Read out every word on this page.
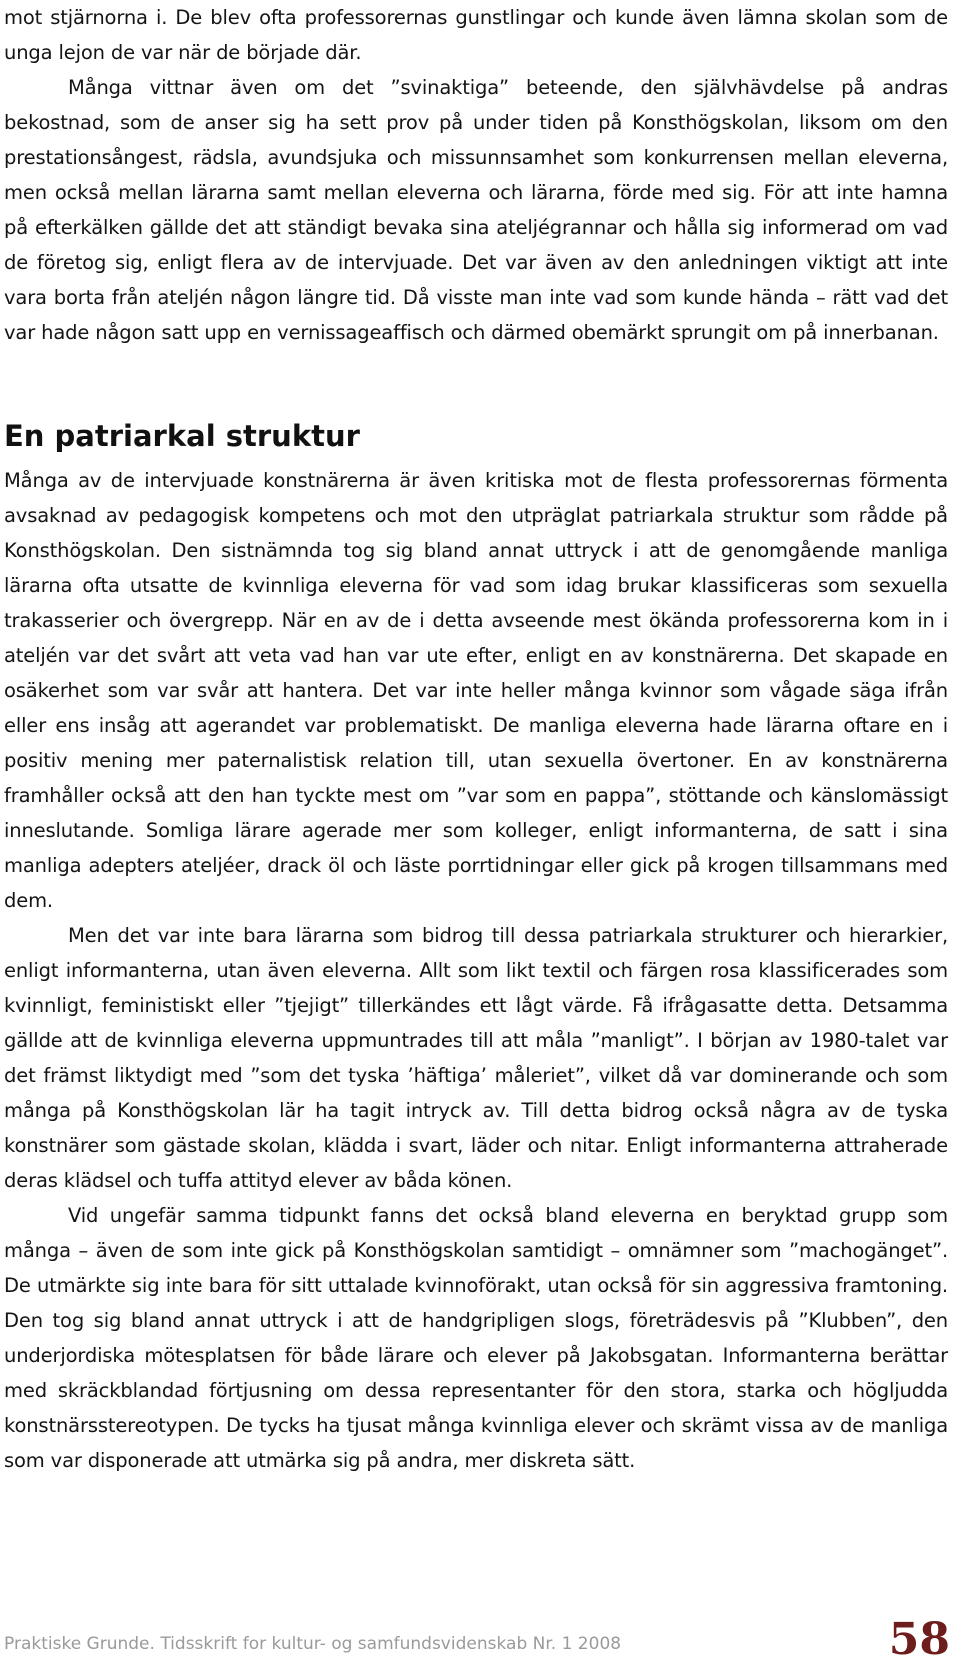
mot stjärnorna i. De blev ofta professorernas gunstlingar och kunde även lämna skolan som de unga lejon de var när de började där.

Många vittnar även om det ”svinaktiga” beteende, den självhävdelse på andras bekostnad, som de anser sig ha sett prov på under tiden på Konsthögskolan, liksom om den prestationsångest, rädsla, avundsjuka och missunnsamhet som konkurrensen mellan eleverna, men också mellan lärarna samt mellan eleverna och lärarna, förde med sig. För att inte hamna på efterkälken gällde det att ständigt bevaka sina ateljégrannar och hålla sig informerad om vad de företog sig, enligt flera av de intervjuade. Det var även av den anledningen viktigt att inte vara borta från ateljén någon längre tid. Då visste man inte vad som kunde hända – rätt vad det var hade någon satt upp en vernissageaffisch och därmed obemärkt sprungit om på innerbanan.

En patriarkal struktur

Många av de intervjuade konstnärerna är även kritiska mot de flesta professorernas förmenta avsaknad av pedagogisk kompetens och mot den utpräglat patriarkala struktur som rådde på Konsthögskolan. Den sistnämnda tog sig bland annat uttryck i att de genomgående manliga lärarna ofta utsatte de kvinnliga eleverna för vad som idag brukar klassificeras som sexuella trakasserier och övergrepp. När en av de i detta avseende mest ökända professorerna kom in i ateljén var det svårt att veta vad han var ute efter, enligt en av konstnärerna. Det skapade en osäkerhet som var svår att hantera. Det var inte heller många kvinnor som vågade säga ifrån eller ens insåg att agerandet var problematiskt. De manliga eleverna hade lärarna oftare en i positiv mening mer paternalistisk relation till, utan sexuella övertoner. En av konstnärerna framhåller också att den han tyckte mest om ”var som en pappa”, stöttande och känslomässigt inneslutande. Somliga lärare agerade mer som kolleger, enligt informanterna, de satt i sina manliga adepters ateljéer, drack öl och läste porrtidningar eller gick på krogen tillsammans med dem.

Men det var inte bara lärarna som bidrog till dessa patriarkala strukturer och hierarkier, enligt informanterna, utan även eleverna. Allt som likt textil och färgen rosa klassificerades som kvinnligt, feministiskt eller ”tjejigt” tillerkändes ett lågt värde. Få ifrågasatte detta. Detsamma gällde att de kvinnliga eleverna uppmuntrades till att måla ”manligt”. I början av 1980-talet var det främst liktydigt med ”som det tyska ’häftiga’ måleriet”, vilket då var dominerande och som många på Konsthögskolan lär ha tagit intryck av. Till detta bidrog också några av de tyska konstnärer som gästade skolan, klädda i svart, läder och nitar. Enligt informanterna attraherade deras klädsel och tuffa attityd elever av båda könen.

Vid ungefär samma tidpunkt fanns det också bland eleverna en beryktad grupp som många – även de som inte gick på Konsthögskolan samtidigt – omnämner som ”machogänget”. De utmärkte sig inte bara för sitt uttalade kvinnoförakt, utan också för sin aggressiva framtoning. Den tog sig bland annat uttryck i att de handgripligen slogs, företrädesvis på ”Klubben”, den underjordiska mötesplatsen för både lärare och elever på Jakobsgatan. Informanterna berättar med skräckblandad förtjusning om dessa representanter för den stora, starka och högljudda konstnärsstereotypen. De tycks ha tjusat många kvinnliga elever och skrämt vissa av de manliga som var disponerade att utmärka sig på andra, mer diskreta sätt.

Praktiske Grunde. Tidsskrift for kultur- og samfundsvidenskab Nr. 1 2008	58
